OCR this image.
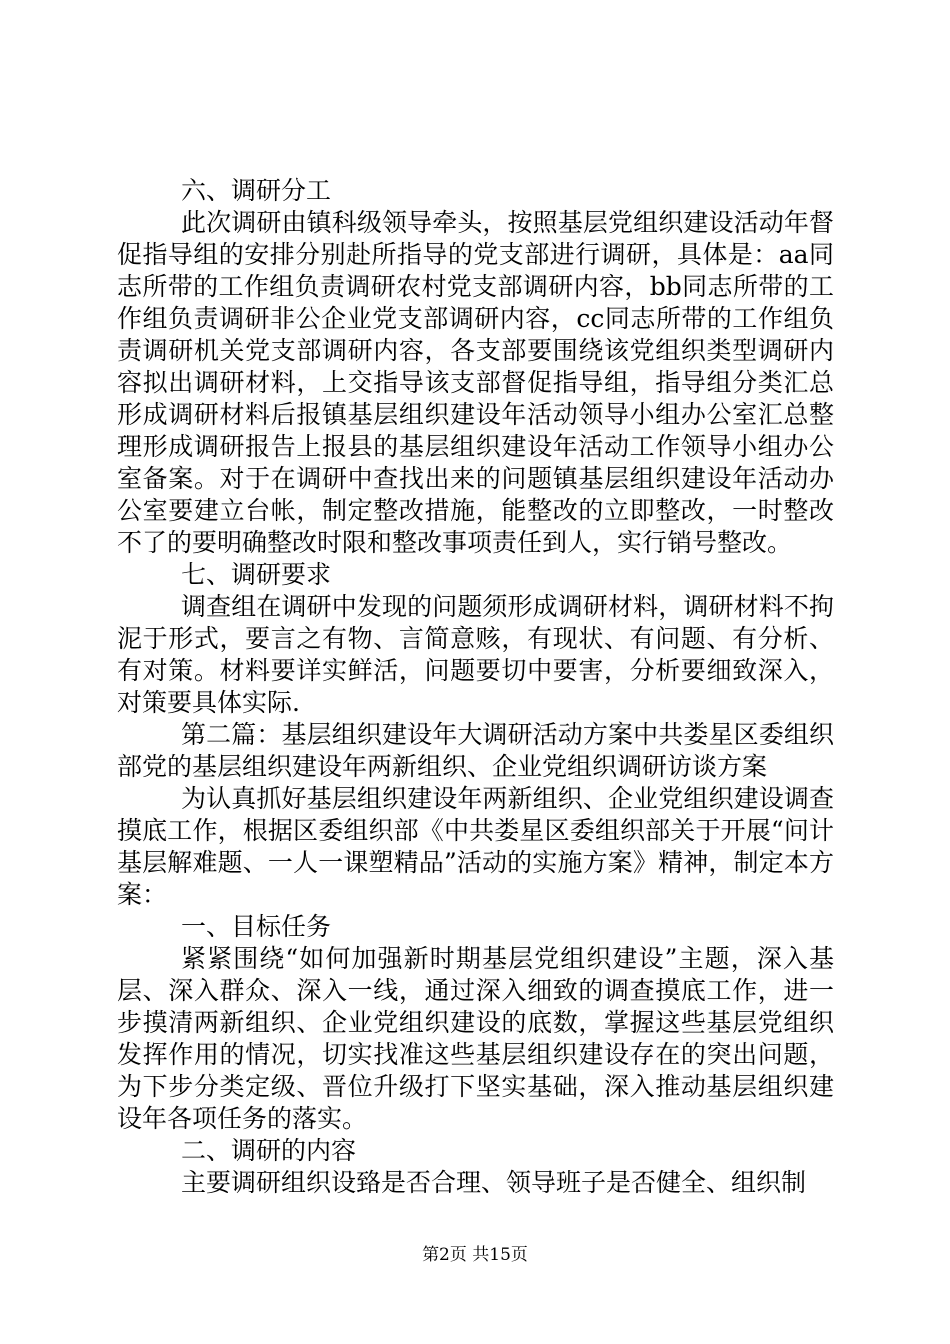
六、调研分工

此次调研由镇科级领导牵头，按照基层党组织建设活动年督促指导组的安排分别赴所指导的党支部进行调研，具体是：aa同志所带的工作组负责调研农村党支部调研内容，bb同志所带的工作组负责调研非公企业党支部调研内容，cc同志所带的工作组负责调研机关党支部调研内容，各支部要围绕该党组织类型调研内容拟出调研材料，上交指导该支部督促指导组，指导组分类汇总形成调研材料后报镇基层组织建设年活动领导小组办公室汇总整理形成调研报告上报县的基层组织建设年活动工作领导小组办公室备案。对于在调研中查找出来的问题镇基层组织建设年活动办公室要建立台帐，制定整改措施，能整改的立即整改，一时整改不了的要明确整改时限和整改事项责任到人，实行销号整改。

七、调研要求

调查组在调研中发现的问题须形成调研材料，调研材料不拘泥于形式，要言之有物、言简意赅，有现状、有问题、有分析、有对策。材料要详实鲜活，问题要切中要害，分析要细致深入，对策要具体实际.

第二篇：基层组织建设年大调研活动方案中共娄星区委组织部党的基层组织建设年两新组织、企业党组织调研访谈方案

为认真抓好基层组织建设年两新组织、企业党组织建设调查摸底工作，根据区委组织部《中共娄星区委组织部关于开展“问计基层解难题、一人一课塑精品”活动的实施方案》精神，制定本方案：

一、目标任务

紧紧围绕“如何加强新时期基层党组织建设”主题，深入基层、深入群众、深入一线，通过深入细致的调查摸底工作，进一步摸清两新组织、企业党组织建设的底数，掌握这些基层党组织发挥作用的情况，切实找准这些基层组织建设存在的突出问题，为下步分类定级、晋位升级打下坚实基础，深入推动基层组织建设年各项任务的落实。

二、调研的内容

主要调研组织设臵是否合理、领导班子是否健全、组织制

第2页 共15页
